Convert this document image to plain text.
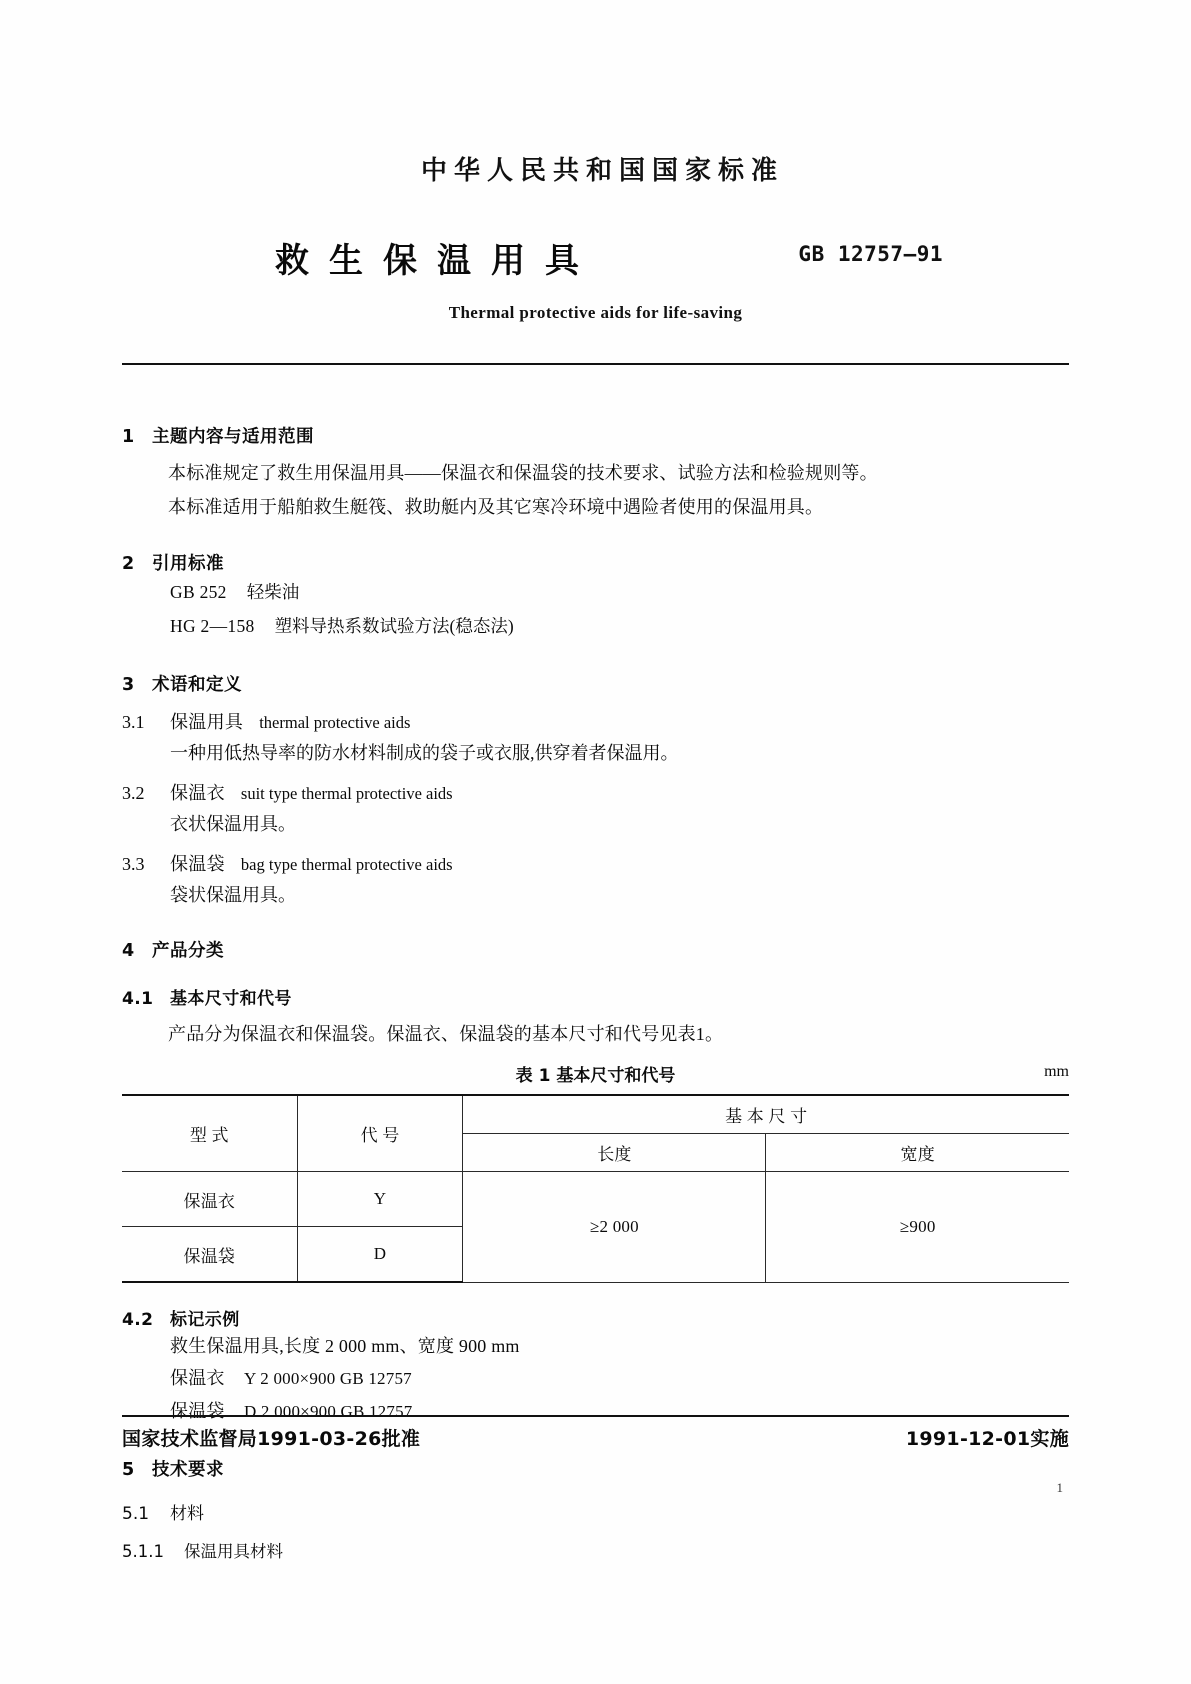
中华人民共和国国家标准
救生保温用具	GB 12757—91
Thermal protective aids for life-saving
1 主题内容与适用范围
本标准规定了救生用保温用具——保温衣和保温袋的技术要求、试验方法和检验规则等。
本标准适用于船舶救生艇筏、救助艇内及其它寒冷环境中遇险者使用的保温用具。
2 引用标准
GB 252 轻柴油
HG 2—158 塑料导热系数试验方法(稳态法)
3 术语和定义
3.1 保温用具 thermal protective aids
一种用低热导率的防水材料制成的袋子或衣服,供穿着者保温用。
3.2 保温衣 suit type thermal protective aids
衣状保温用具。
3.3 保温袋 bag type thermal protective aids
袋状保温用具。
4 产品分类
4.1 基本尺寸和代号
产品分为保温衣和保温袋。保温衣、保温袋的基本尺寸和代号见表1。
表 1 基本尺寸和代号	mm
型 式	代 号	基 本 尺 寸	
		长度	宽度
保温衣	Y	≥2 000	≥900
保温袋	D		
4.2 标记示例
救生保温用具,长度 2 000 mm、宽度 900 mm
保温衣 Y 2 000×900 GB 12757
保温袋 D 2 000×900 GB 12757
5 技术要求
5.1 材料
5.1.1 保温用具材料
国家技术监督局1991-03-26批准	1991-12-01实施
1
